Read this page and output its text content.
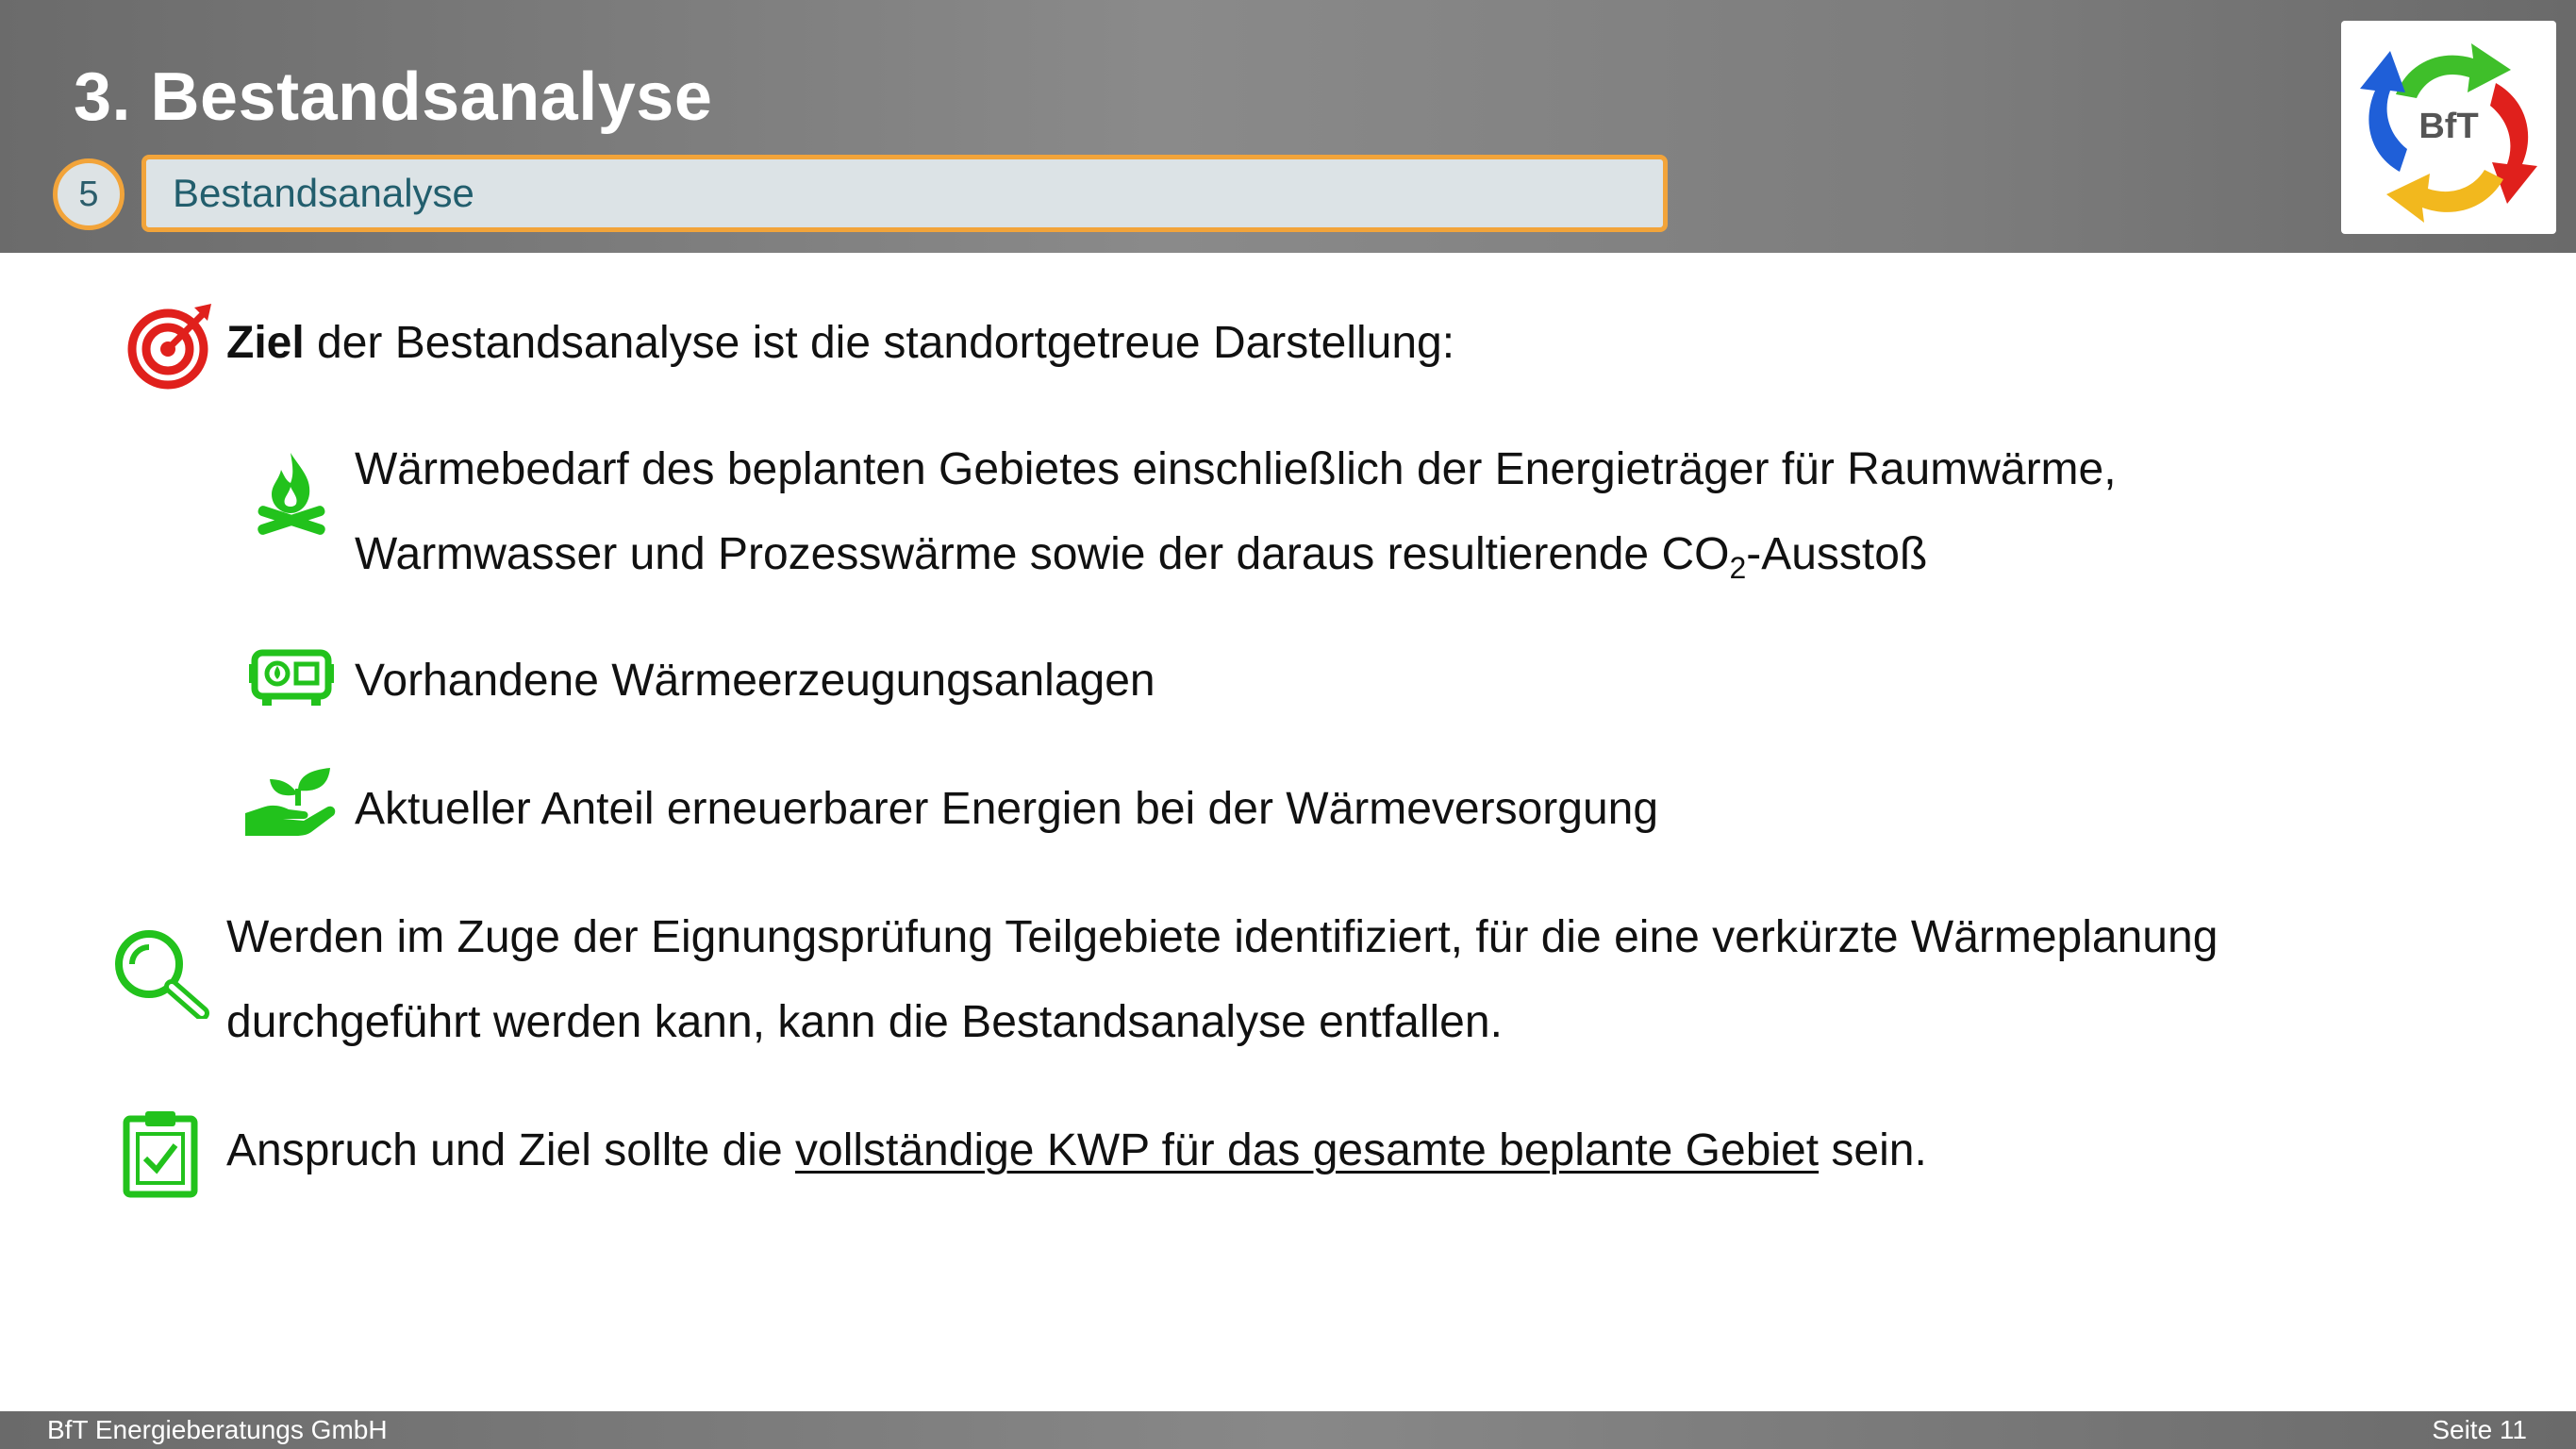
3. Bestandsanalyse
5	Bestandsanalyse
BfT
Ziel der Bestandsanalyse ist die standortgetreue Darstellung:
Wärmebedarf des beplanten Gebietes einschließlich der Energieträger für Raumwärme,
Warmwasser und Prozesswärme sowie der daraus resultierende $CO_2$-Ausstoß
Vorhandene Wärmeerzeugungsanlagen
Aktueller Anteil erneuerbarer Energien bei der Wärmeversorgung
Werden im Zuge der Eignungsprüfung Teilgebiete identifiziert, für die eine verkürzte Wärmeplanung
durchgeführt werden kann, kann die Bestandsanalyse entfallen.
Anspruch und Ziel sollte die vollständige KWP für das gesamte beplante Gebiet sein.
BfT Energieberatungs GmbH	Seite 11
